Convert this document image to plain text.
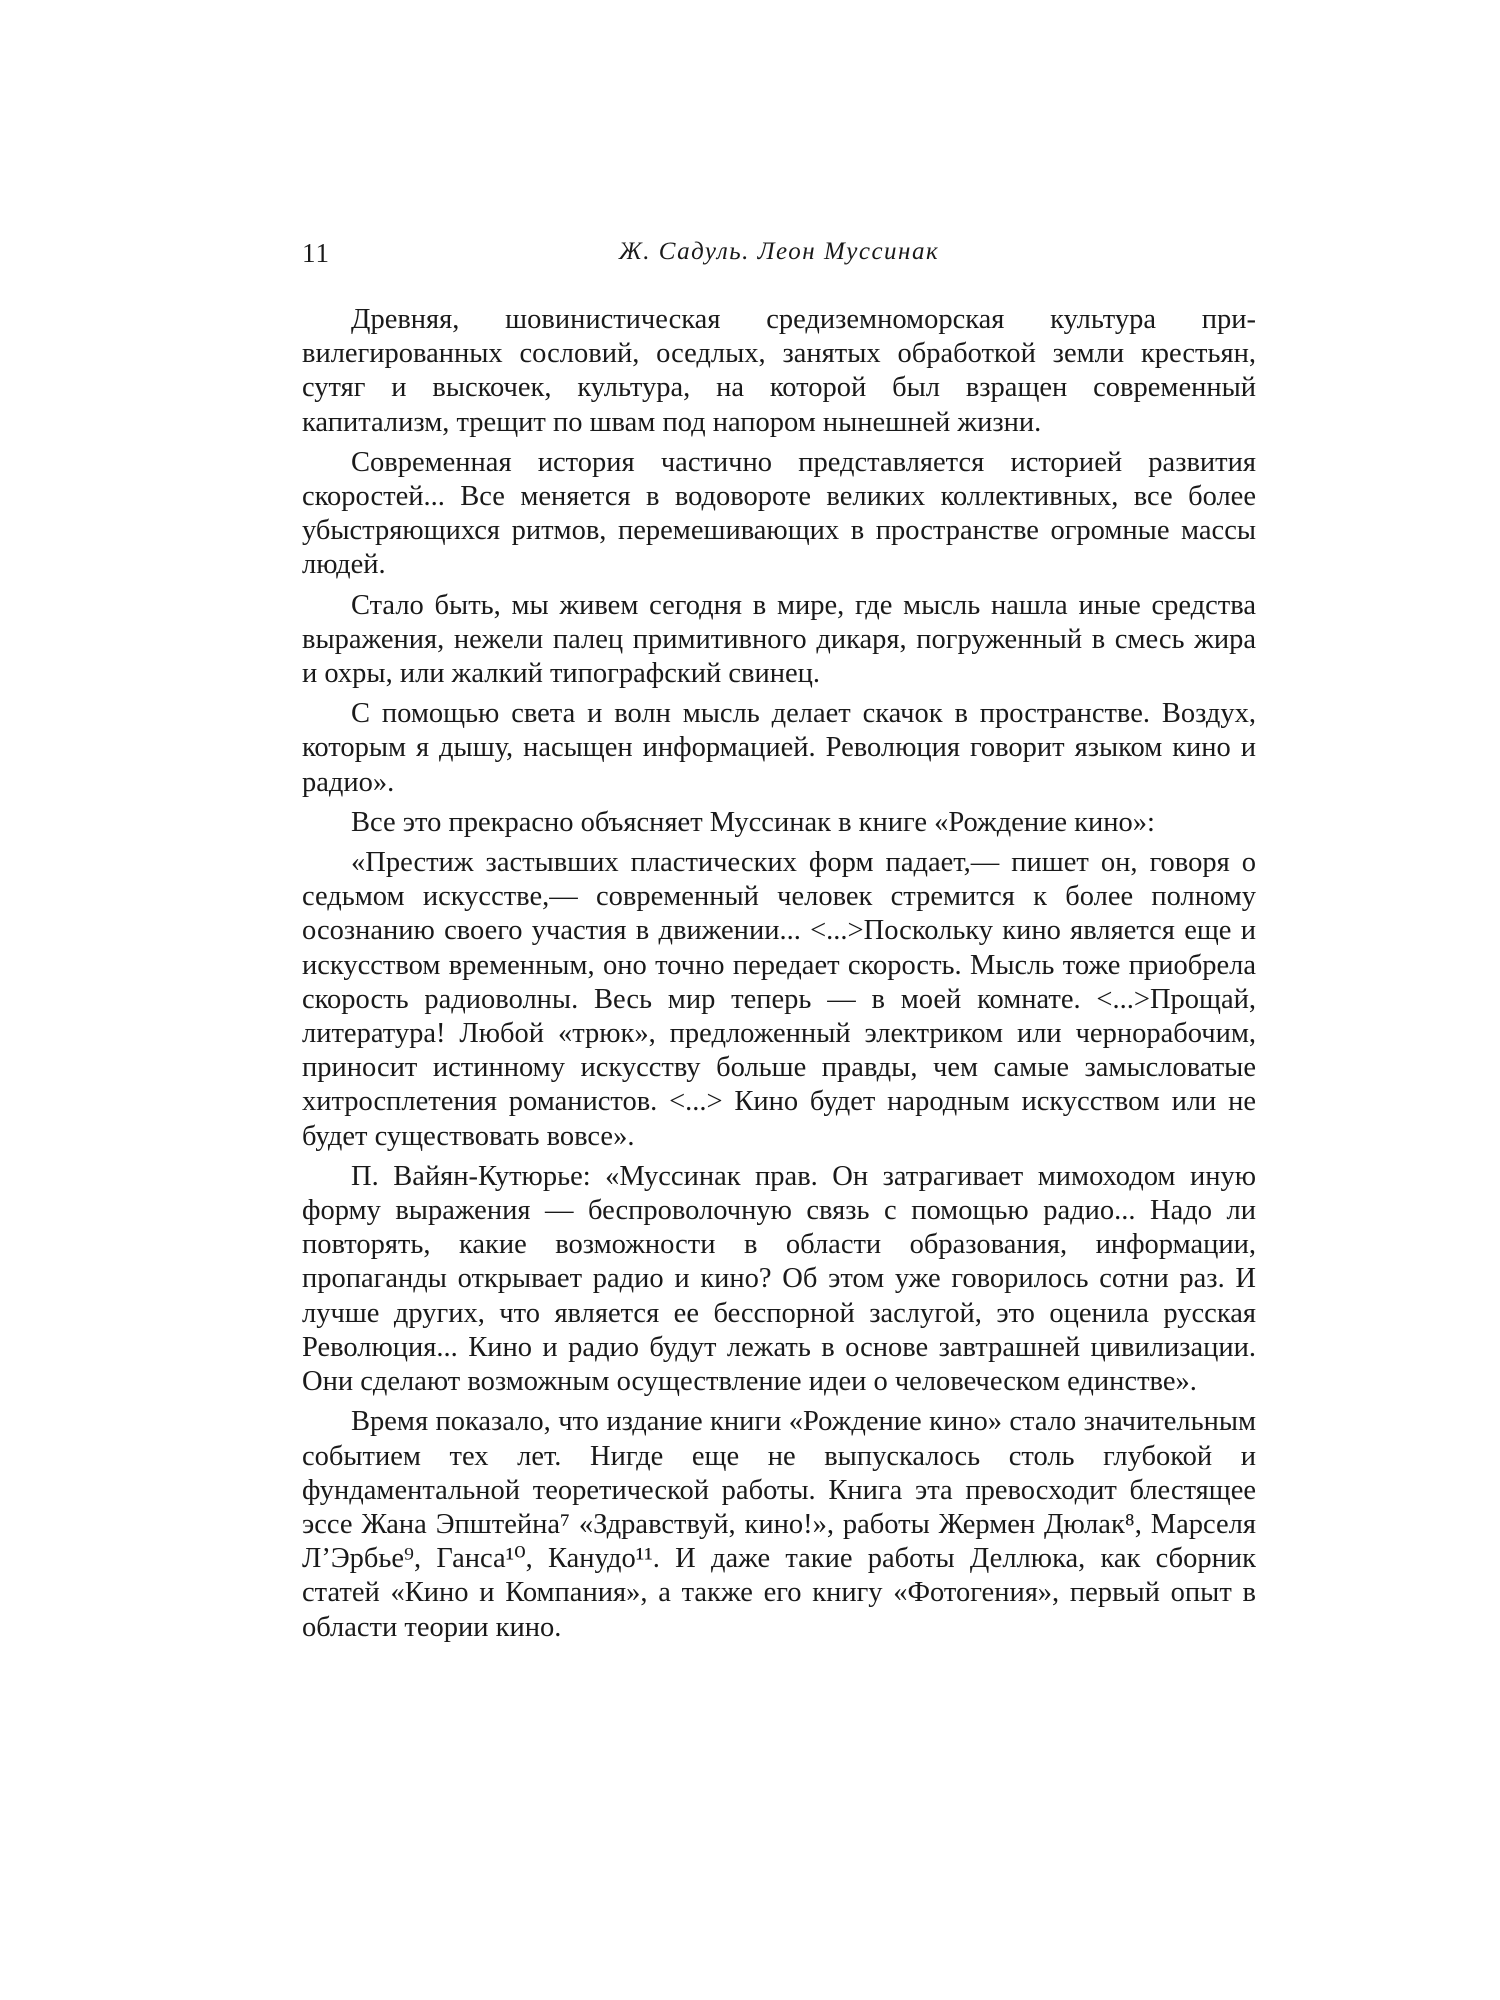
11	Ж. Садуль. Леон Муссинак

Древняя, шовинистическая средиземноморская культура привилегированных сословий, оседлых, занятых обработкой земли крестьян, сутяг и выскочек, культура, на которой был взращен современный капитализм, трещит по швам под напором нынешней жизни.

Современная история частично представляется историей развития скоростей... Все меняется в водовороте великих коллективных, все более убыстряющихся ритмов, перемешивающих в пространстве огромные массы людей.

Стало быть, мы живем сегодня в мире, где мысль нашла иные средства выражения, нежели палец примитивного дикаря, погруженный в смесь жира и охры, или жалкий типографский свинец.

С помощью света и волн мысль делает скачок в пространстве. Воздух, которым я дышу, насыщен информацией. Революция говорит языком кино и радио».

Все это прекрасно объясняет Муссинак в книге «Рождение кино»:

«Престиж застывших пластических форм падает,— пишет он, говоря о седьмом искусстве,— современный человек стремится к более полному осознанию своего участия в движении... <...>Поскольку кино является еще и искусством временным, оно точно передает скорость. Мысль тоже приобрела скорость радиоволны. Весь мир теперь — в моей комнате. <...>Прощай, литература! Любой «трюк», предложенный электриком или чернорабочим, приносит истинному искусству больше правды, чем самые замысловатые хитросплетения романистов. <...> Кино будет народным искусством или не будет существовать вовсе».

П. Вайян-Кутюрье: «Муссинак прав. Он затрагивает мимоходом иную форму выражения — беспроволочную связь с помощью радио... Надо ли повторять, какие возможности в области образования, информации, пропаганды открывает радио и кино? Об этом уже говорилось сотни раз. И лучше других, что является ее бесспорной заслугой, это оценила русская Революция... Кино и радио будут лежать в основе завтрашней цивилизации. Они сделают возможным осуществление идеи о человеческом единстве».

Время показало, что издание книги «Рождение кино» стало значительным событием тех лет. Нигде еще не выпускалось столь глубокой и фундаментальной теоретической работы. Книга эта превосходит блестящее эссе Жана Эпштейна⁷ «Здравствуй, кино!», работы Жермен Дюлак⁸, Марселя Л’Эрбье⁹, Ганса¹⁰, Канудо¹¹. И даже такие работы Деллюка, как сборник статей «Кино и Компания», а также его книгу «Фотогения», первый опыт в области теории кино.
